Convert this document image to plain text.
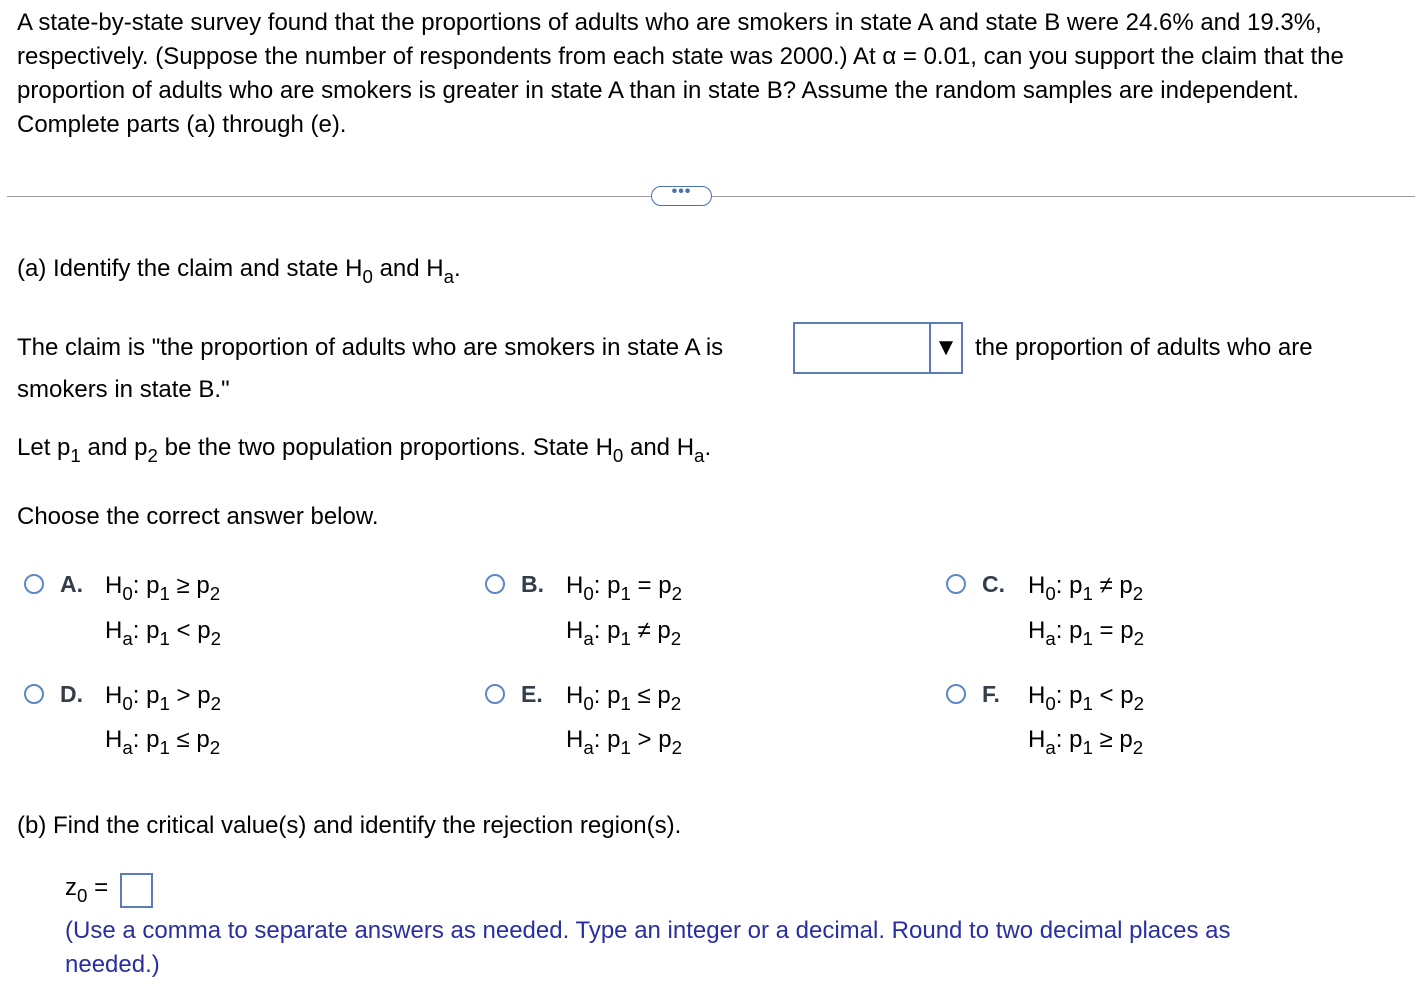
A state-by-state survey found that the proportions of adults who are smokers in state A and state B were 24.6% and 19.3%, respectively. (Suppose the number of respondents from each state was 2000.) At α = 0.01, can you support the claim that the proportion of adults who are smokers is greater in state A than in state B? Assume the random samples are independent. Complete parts (a) through (e).
•••
(a) Identify the claim and state $H_0$ and $H_a$.
The claim is "the proportion of adults who are smokers in state A is	▼ the proportion of adults who are
smokers in state B."
Let $p_1$ and $p_2$ be the two population proportions. State $H_0$ and $H_a$.
Choose the correct answer below.
A. $H_0$: $p_1 \ge p_2$
$H_a$: $p_1 < p_2$
B. $H_0$: $p_1 = p_2$
$H_a$: $p_1 \ne p_2$
C. $H_0$: $p_1 \ne p_2$
$H_a$: $p_1 = p_2$
D. $H_0$: $p_1 > p_2$
$H_a$: $p_1 \le p_2$
E. $H_0$: $p_1 \le p_2$
$H_a$: $p_1 > p_2$
F. $H_0$: $p_1 < p_2$
$H_a$: $p_1 \ge p_2$
(b) Find the critical value(s) and identify the rejection region(s).
$z_0$ =
(Use a comma to separate answers as needed. Type an integer or a decimal. Round to two decimal places as needed.)
